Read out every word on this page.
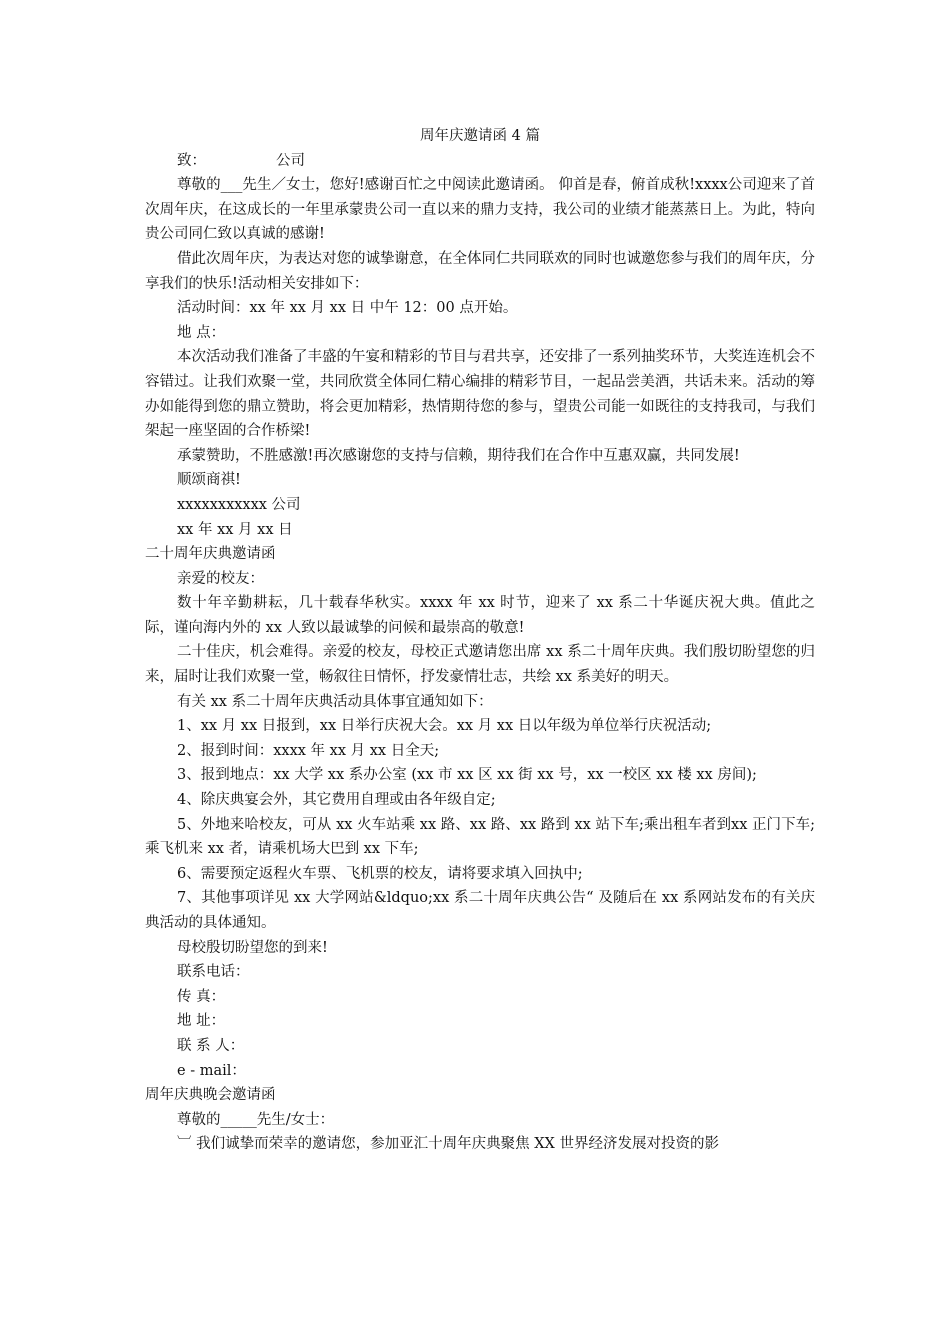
周年庆邀请函 4 篇

致：	公司

尊敬的___先生／女士，您好!感谢百忙之中阅读此邀请函。 仰首是春，俯首成秋!xxxx公司迎来了首次周年庆，在这成长的一年里承蒙贵公司一直以来的鼎力支持，我公司的业绩才能蒸蒸日上。为此，特向贵公司同仁致以真诚的感谢!

借此次周年庆，为表达对您的诚挚谢意，在全体同仁共同联欢的同时也诚邀您参与我们的周年庆，分享我们的快乐!活动相关安排如下：

活动时间：xx 年 xx 月 xx 日 中午 12：00 点开始。

地 点：

本次活动我们准备了丰盛的午宴和精彩的节目与君共享，还安排了一系列抽奖环节，大奖连连机会不容错过。让我们欢聚一堂，共同欣赏全体同仁精心编排的精彩节目，一起品尝美酒，共话未来。活动的筹办如能得到您的鼎立赞助，将会更加精彩，热情期待您的参与，望贵公司能一如既往的支持我司，与我们架起一座坚固的合作桥梁!

承蒙赞助，不胜感激!再次感谢您的支持与信赖，期待我们在合作中互惠双赢，共同发展!

顺颂商祺!

xxxxxxxxxxx 公司

xx 年 xx 月 xx 日

二十周年庆典邀请函

亲爱的校友：

数十年辛勤耕耘，几十载春华秋实。xxxx 年 xx 时节，迎来了 xx 系二十华诞庆祝大典。值此之际，谨向海内外的 xx 人致以最诚挚的问候和最崇高的敬意!

二十佳庆，机会难得。亲爱的校友，母校正式邀请您出席 xx 系二十周年庆典。我们殷切盼望您的归来，届时让我们欢聚一堂，畅叙往日情怀，抒发豪情壮志，共绘 xx 系美好的明天。

有关 xx 系二十周年庆典活动具体事宜通知如下：

1、xx 月 xx 日报到，xx 日举行庆祝大会。xx 月 xx 日以年级为单位举行庆祝活动;

2、报到时间：xxxx 年 xx 月 xx 日全天;

3、报到地点：xx 大学 xx 系办公室 (xx 市 xx 区 xx 街 xx 号，xx 一校区 xx 楼 xx 房间);

4、除庆典宴会外，其它费用自理或由各年级自定;

5、外地来哈校友，可从 xx 火车站乘 xx 路、xx 路、xx 路到 xx 站下车;乘出租车者到xx 正门下车;乘飞机来 xx 者，请乘机场大巴到 xx 下车;

6、需要预定返程火车票、飞机票的校友，请将要求填入回执中;

7、其他事项详见 xx 大学网站&ldquo;xx 系二十周年庆典公告“ 及随后在 xx 系网站发布的有关庆典活动的具体通知。

母校殷切盼望您的到来!

联系电话：

传 真：

地 址：

联 系 人：

e - mail：

周年庆典晚会邀请函

尊敬的_____先生/女士：

︺ 我们诚挚而荣幸的邀请您，参加亚汇十周年庆典聚焦 XX 世界经济发展对投资的影
